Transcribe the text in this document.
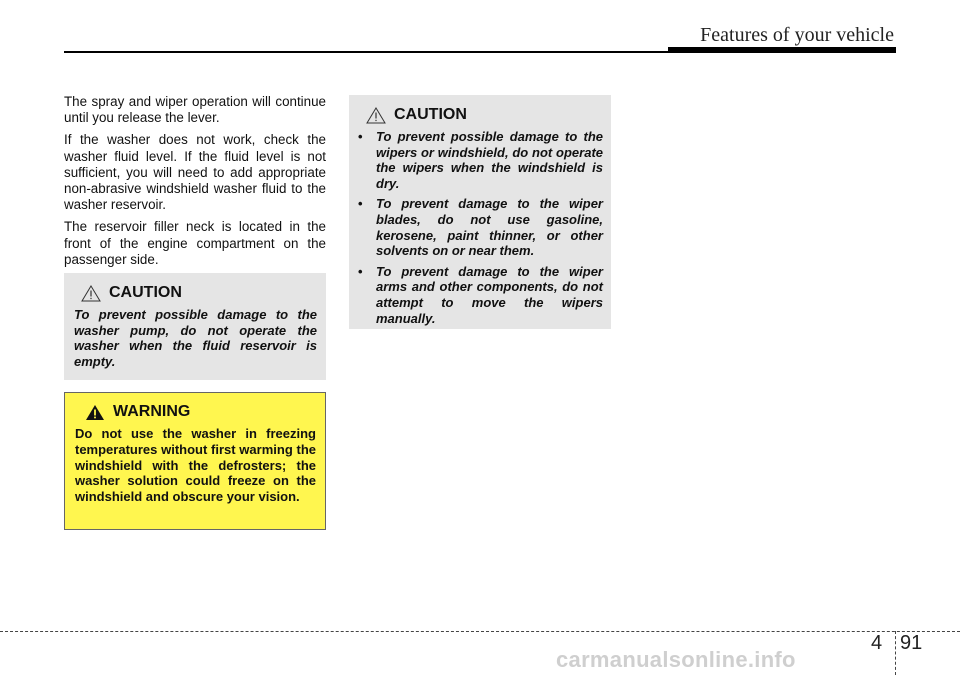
Features of your vehicle

The spray and wiper operation will continue until you release the lever.

If the washer does not work, check the washer fluid level. If the fluid level is not sufficient, you will need to add appropriate non-abrasive windshield washer fluid to the washer reservoir.

The reservoir filler neck is located in the front of the engine compartment on the passenger side.

CAUTION

To prevent possible damage to the washer pump, do not operate the washer when the fluid reservoir is empty.

WARNING

Do not use the washer in freezing temperatures without first warming the windshield with the defrosters; the washer solution could freeze on the windshield and obscure your vision.

CAUTION
• To prevent possible damage to the wipers or windshield, do not operate the wipers when the windshield is dry.
• To prevent damage to the wiper blades, do not use gasoline, kerosene, paint thinner, or other solvents on or near them.
• To prevent damage to the wiper arms and other components, do not attempt to move the wipers manually.
4 91
carmanualsonline.info
